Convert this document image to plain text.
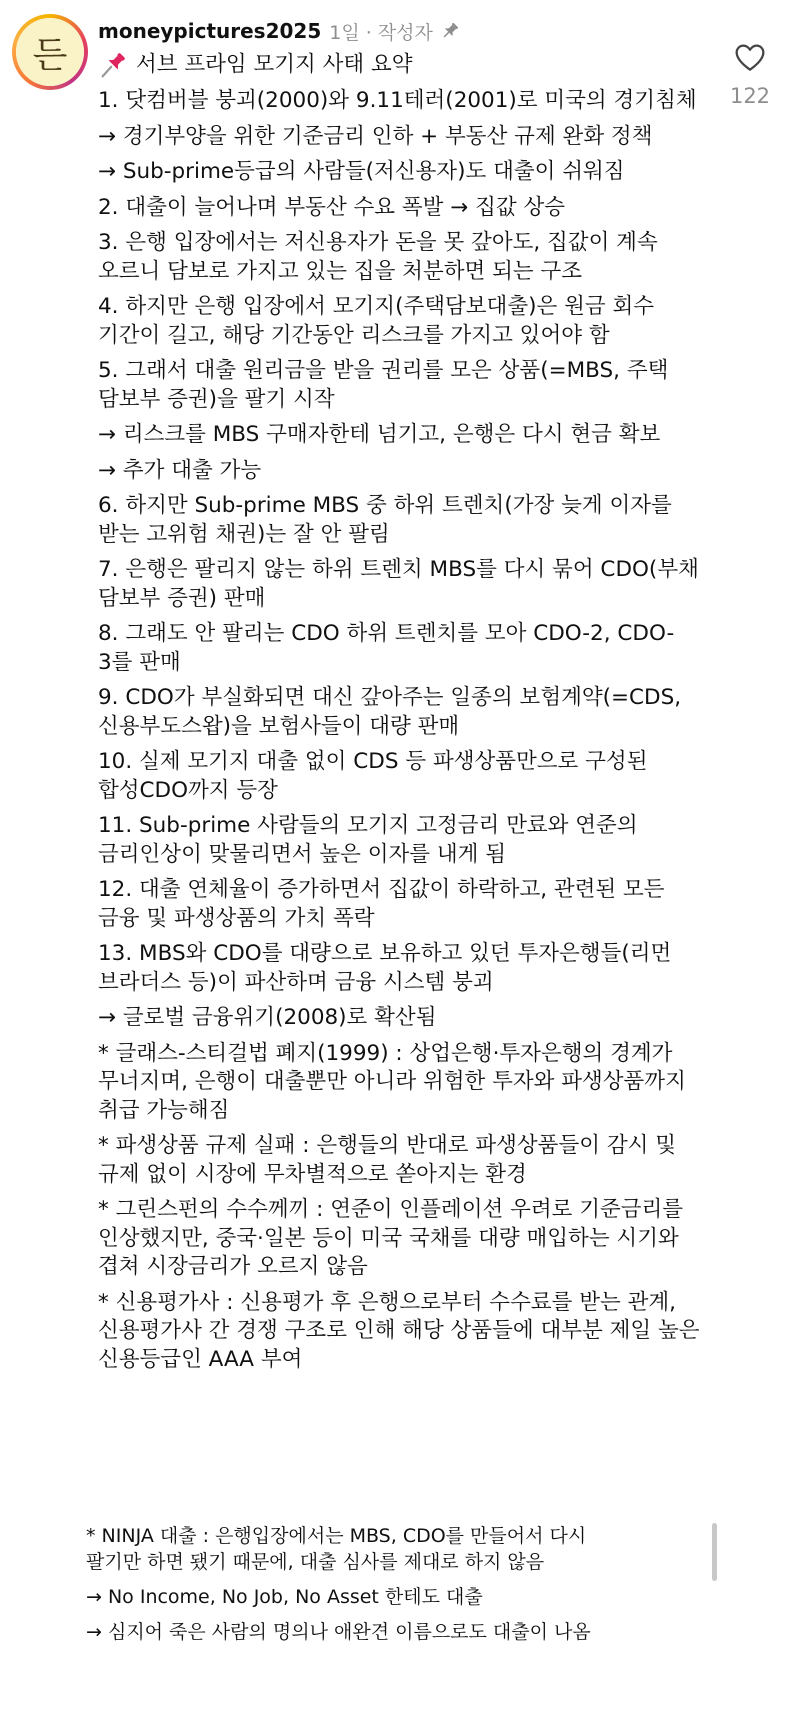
든
moneypictures2025 1일 · 작성자
122
서브 프라임 모기지 사태 요약

1. 닷컴버블 붕괴(2000)와 9.11테러(2001)로 미국의 경기침체

→ 경기부양을 위한 기준금리 인하 + 부동산 규제 완화 정책

→ Sub-prime등급의 사람들(저신용자)도 대출이 쉬워짐

2. 대출이 늘어나며 부동산 수요 폭발 → 집값 상승

3. 은행 입장에서는 저신용자가 돈을 못 갚아도, 집값이 계속 오르니 담보로 가지고 있는 집을 처분하면 되는 구조

4. 하지만 은행 입장에서 모기지(주택담보대출)은 원금 회수 기간이 길고, 해당 기간동안 리스크를 가지고 있어야 함

5. 그래서 대출 원리금을 받을 권리를 모은 상품(=MBS, 주택 담보부 증권)을 팔기 시작

→ 리스크를 MBS 구매자한테 넘기고, 은행은 다시 현금 확보

→ 추가 대출 가능

6. 하지만 Sub-prime MBS 중 하위 트렌치(가장 늦게 이자를 받는 고위험 채권)는 잘 안 팔림

7. 은행은 팔리지 않는 하위 트렌치 MBS를 다시 묶어 CDO(부채 담보부 증권) 판매

8. 그래도 안 팔리는 CDO 하위 트렌치를 모아 CDO-2, CDO-3를 판매

9. CDO가 부실화되면 대신 갚아주는 일종의 보험계약(=CDS, 신용부도스왑)을 보험사들이 대량 판매

10. 실제 모기지 대출 없이 CDS 등 파생상품만으로 구성된 합성CDO까지 등장

11. Sub-prime 사람들의 모기지 고정금리 만료와 연준의 금리인상이 맞물리면서 높은 이자를 내게 됨

12. 대출 연체율이 증가하면서 집값이 하락하고, 관련된 모든 금융 및 파생상품의 가치 폭락

13. MBS와 CDO를 대량으로 보유하고 있던 투자은행들(리먼 브라더스 등)이 파산하며 금융 시스템 붕괴

→ 글로벌 금융위기(2008)로 확산됨

* 글래스-스티걸법 폐지(1999) : 상업은행·투자은행의 경계가 무너지며, 은행이 대출뿐만 아니라 위험한 투자와 파생상품까지 취급 가능해짐

* 파생상품 규제 실패 : 은행들의 반대로 파생상품들이 감시 및 규제 없이 시장에 무차별적으로 쏟아지는 환경

* 그린스펀의 수수께끼 : 연준이 인플레이션 우려로 기준금리를 인상했지만, 중국·일본 등이 미국 국채를 대량 매입하는 시기와 겹쳐 시장금리가 오르지 않음

* 신용평가사 : 신용평가 후 은행으로부터 수수료를 받는 관계, 신용평가사 간 경쟁 구조로 인해 해당 상품들에 대부분 제일 높은 신용등급인 AAA 부여

* NINJA 대출 : 은행입장에서는 MBS, CDO를 만들어서 다시 팔기만 하면 됐기 때문에, 대출 심사를 제대로 하지 않음

→ No Income, No Job, No Asset 한테도 대출

→ 심지어 죽은 사람의 명의나 애완견 이름으로도 대출이 나옴
